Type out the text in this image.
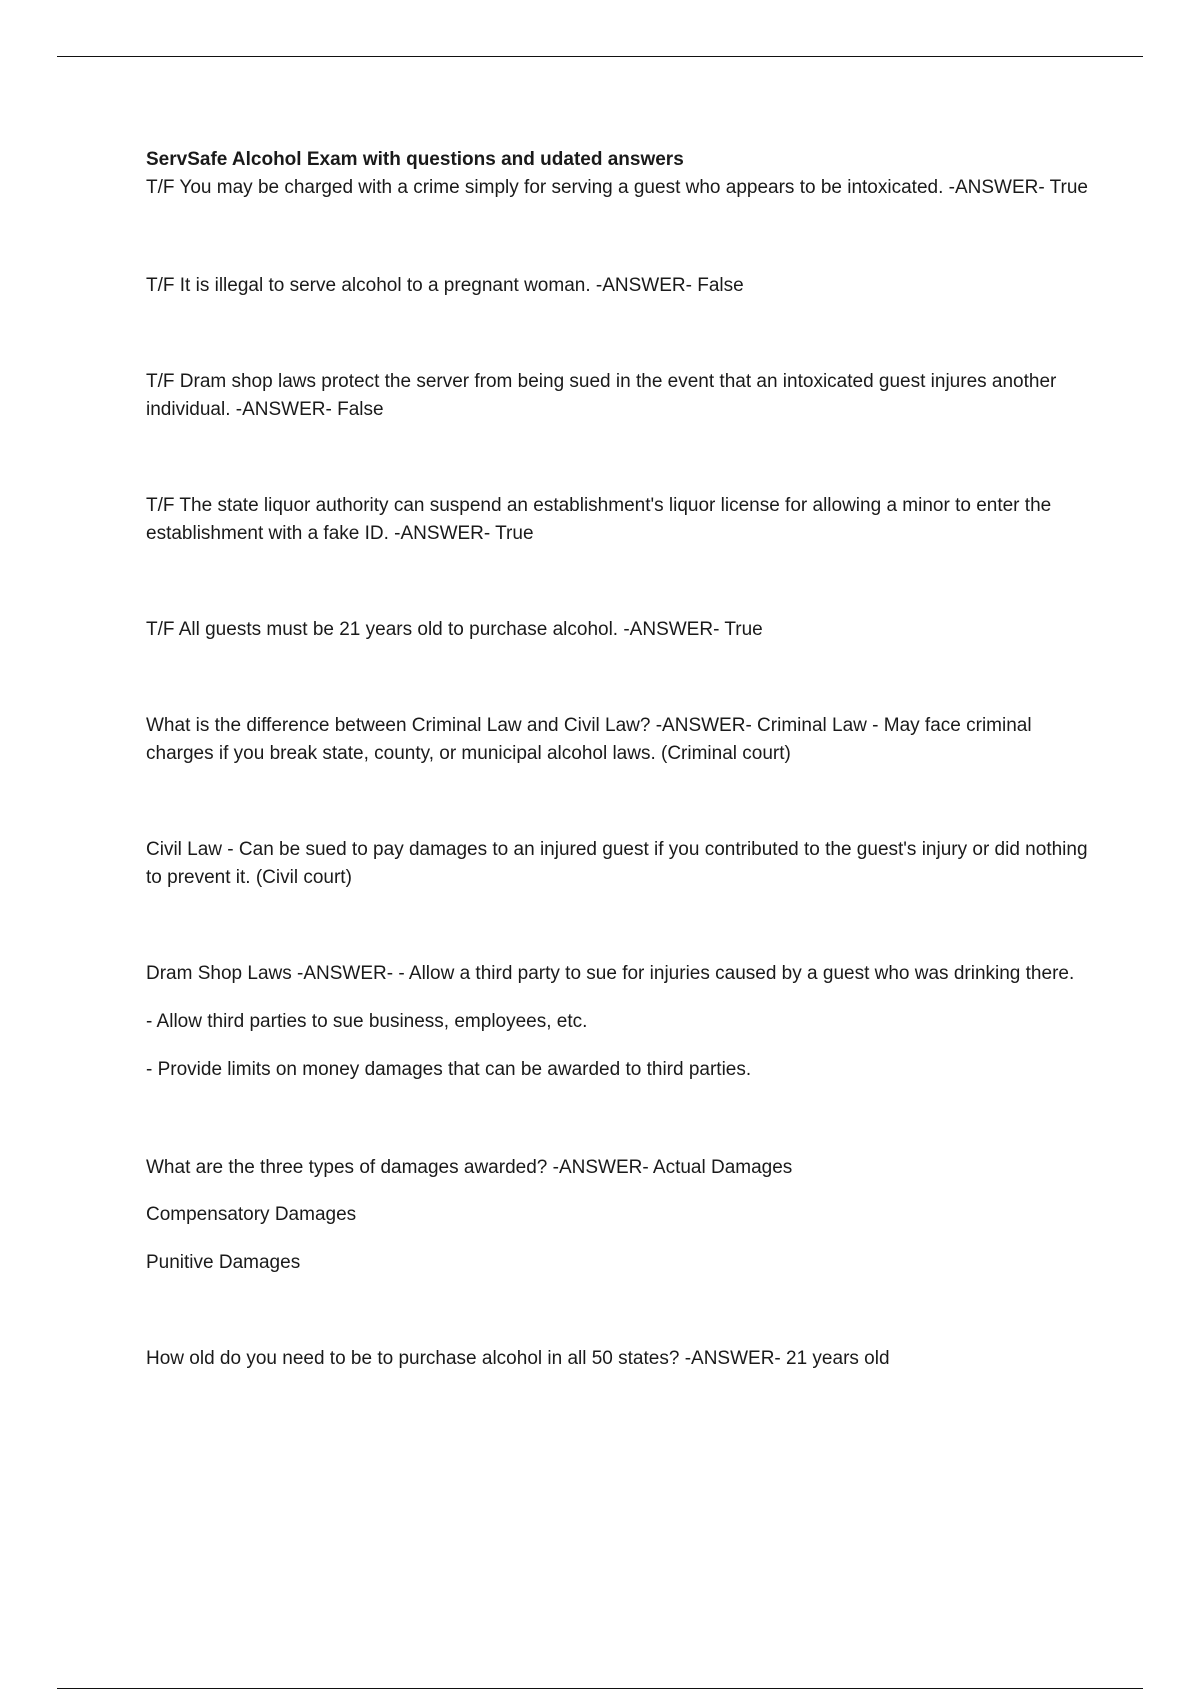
ServSafe Alcohol Exam with questions and udated answers

T/F You may be charged with a crime simply for serving a guest who appears to be intoxicated. -ANSWER- True

T/F It is illegal to serve alcohol to a pregnant woman. -ANSWER- False

T/F Dram shop laws protect the server from being sued in the event that an intoxicated guest injures another individual. -ANSWER- False

T/F The state liquor authority can suspend an establishment's liquor license for allowing a minor to enter the establishment with a fake ID. -ANSWER- True

T/F All guests must be 21 years old to purchase alcohol. -ANSWER- True

What is the difference between Criminal Law and Civil Law? -ANSWER- Criminal Law - May face criminal charges if you break state, county, or municipal alcohol laws. (Criminal court)

Civil Law - Can be sued to pay damages to an injured guest if you contributed to the guest's injury or did nothing to prevent it. (Civil court)

Dram Shop Laws -ANSWER- - Allow a third party to sue for injuries caused by a guest who was drinking there.

- Allow third parties to sue business, employees, etc.

- Provide limits on money damages that can be awarded to third parties.

What are the three types of damages awarded? -ANSWER- Actual Damages

Compensatory Damages

Punitive Damages

How old do you need to be to purchase alcohol in all 50 states? -ANSWER- 21 years old
